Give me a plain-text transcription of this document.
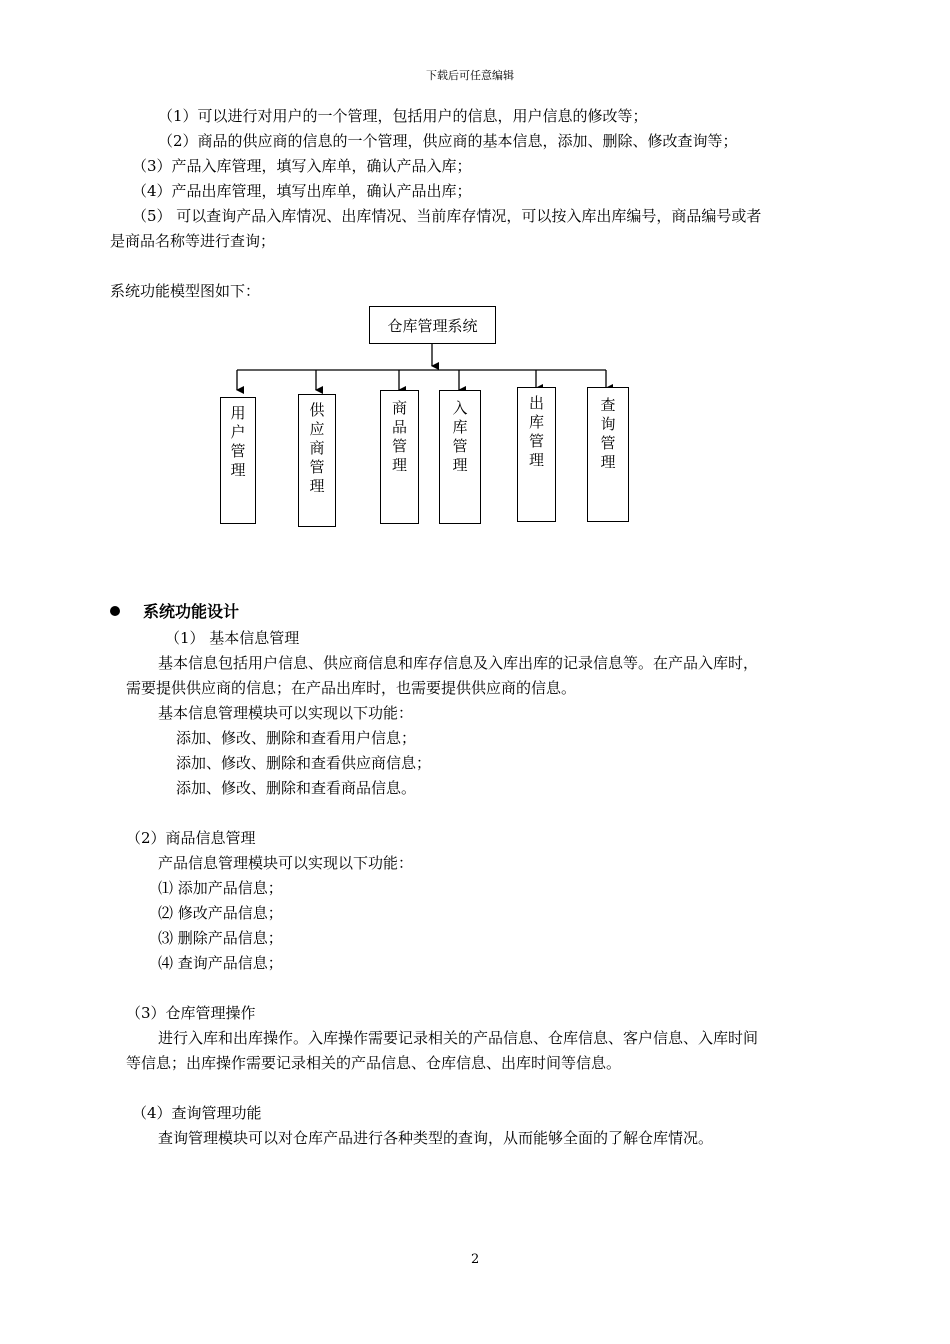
下载后可任意编辑
（1）可以进行对用户的一个管理，包括用户的信息，用户信息的修改等；
（2）商品的供应商的信息的一个管理，供应商的基本信息，添加、删除、修改查询等；
（3）产品入库管理，填写入库单，确认产品入库；
（4）产品出库管理，填写出库单，确认产品出库；
（5） 可以查询产品入库情况、出库情况、当前库存情况，可以按入库出库编号，商品编号或者
是商品名称等进行查询；
系统功能模型图如下：
仓库管理系统
用户管理
供应商管理
商品管理
入库管理
出库管理
查询管理
系统功能设计
（1） 基本信息管理
基本信息包括用户信息、供应商信息和库存信息及入库出库的记录信息等。在产品入库时，
需要提供供应商的信息；在产品出库时，也需要提供供应商的信息。
基本信息管理模块可以实现以下功能：
添加、修改、删除和查看用户信息；
添加、修改、删除和查看供应商信息；
添加、修改、删除和查看商品信息。
（2）商品信息管理
产品信息管理模块可以实现以下功能：
⑴ 添加产品信息；
⑵ 修改产品信息；
⑶ 删除产品信息；
⑷ 查询产品信息；
（3）仓库管理操作
进行入库和出库操作。入库操作需要记录相关的产品信息、仓库信息、客户信息、入库时间
等信息；出库操作需要记录相关的产品信息、仓库信息、出库时间等信息。
（4）查询管理功能
查询管理模块可以对仓库产品进行各种类型的查询，从而能够全面的了解仓库情况。
2
